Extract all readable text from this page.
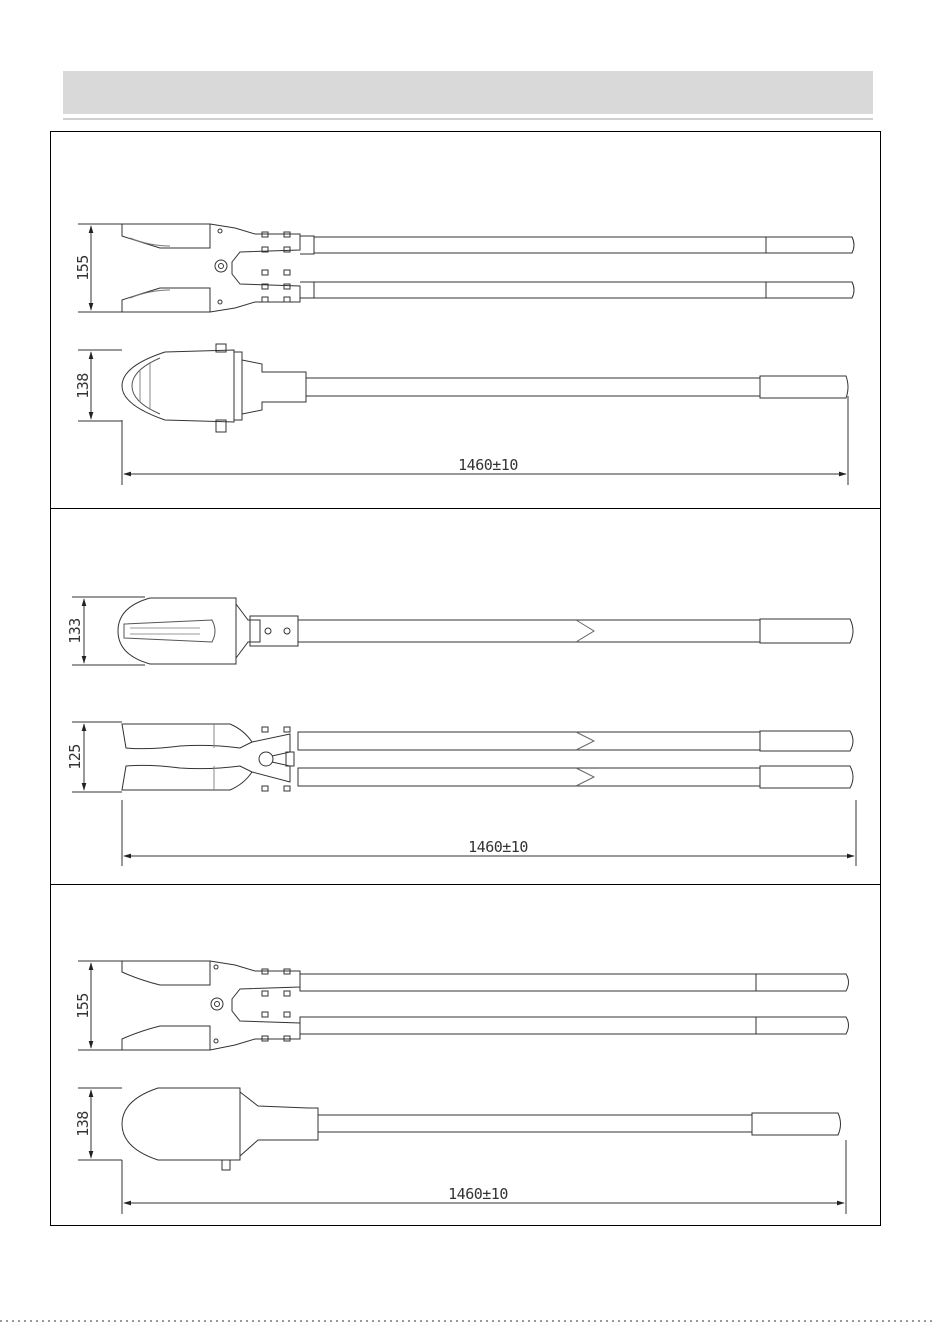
155
138
1460±10
133
125
1460±10
155
138
1460±10
